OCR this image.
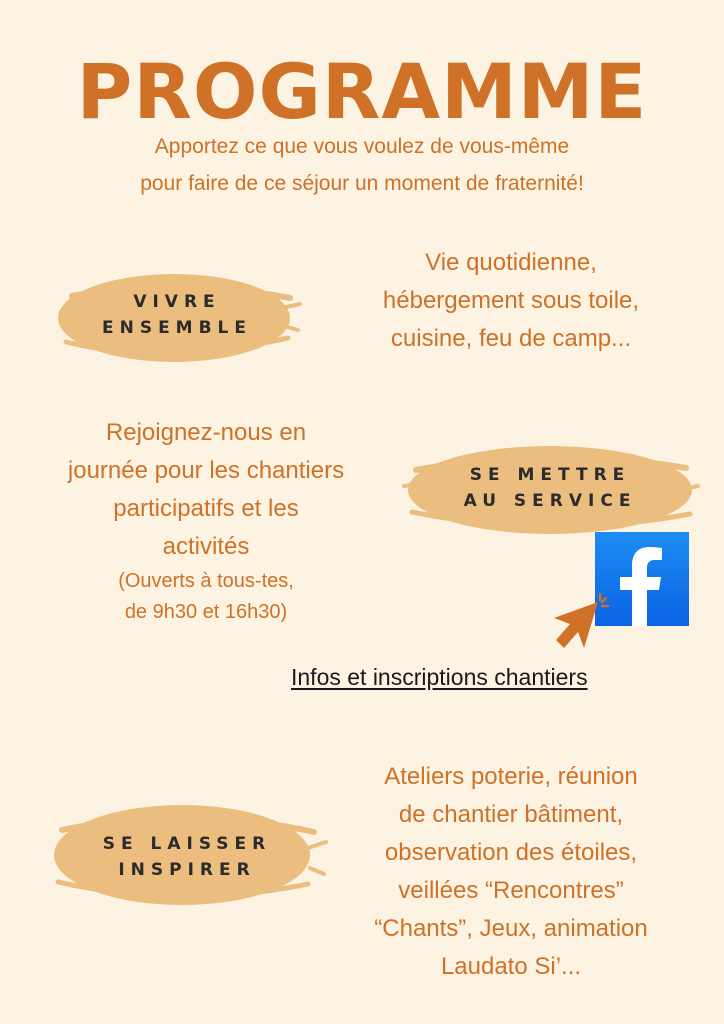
PROGRAMME
Apportez ce que vous voulez de vous-même
pour faire de ce séjour un moment de fraternité!
VIVRE
ENSEMBLE
Vie quotidienne,
hébergement sous toile,
cuisine, feu de camp...
Rejoignez-nous en
journée pour les chantiers
participatifs et les
activités
(Ouverts à tous-tes,
de 9h30 et 16h30)
SE METTRE
AU SERVICE
Infos et inscriptions chantiers
SE LAISSER
INSPIRER
Ateliers poterie, réunion
de chantier bâtiment,
observation des étoiles,
veillées “Rencontres”
“Chants”, Jeux, animation
Laudato Si’...
